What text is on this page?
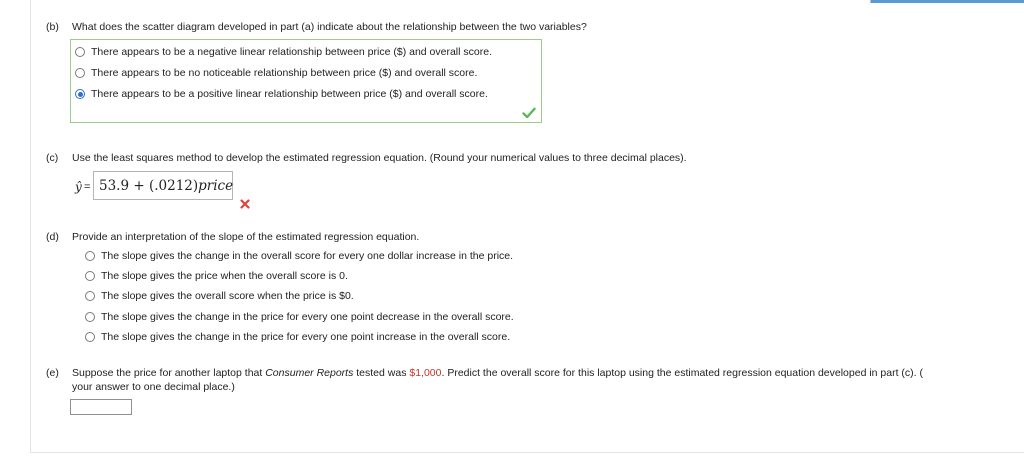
(b) What does the scatter diagram developed in part (a) indicate about the relationship between the two variables?
There appears to be a negative linear relationship between price ($) and overall score.
There appears to be no noticeable relationship between price ($) and overall score.
There appears to be a positive linear relationship between price ($) and overall score.
(c) Use the least squares method to develop the estimated regression equation. (Round your numerical values to three decimal places).
ŷ = 53.9 + (.0212) price
(d) Provide an interpretation of the slope of the estimated regression equation.
The slope gives the change in the overall score for every one dollar increase in the price.
The slope gives the price when the overall score is 0.
The slope gives the overall score when the price is $0.
The slope gives the change in the price for every one point decrease in the overall score.
The slope gives the change in the price for every one point increase in the overall score.
(e) Suppose the price for another laptop that Consumer Reports tested was $1,000. Predict the overall score for this laptop using the estimated regression equation developed in part (c). (
your answer to one decimal place.)
